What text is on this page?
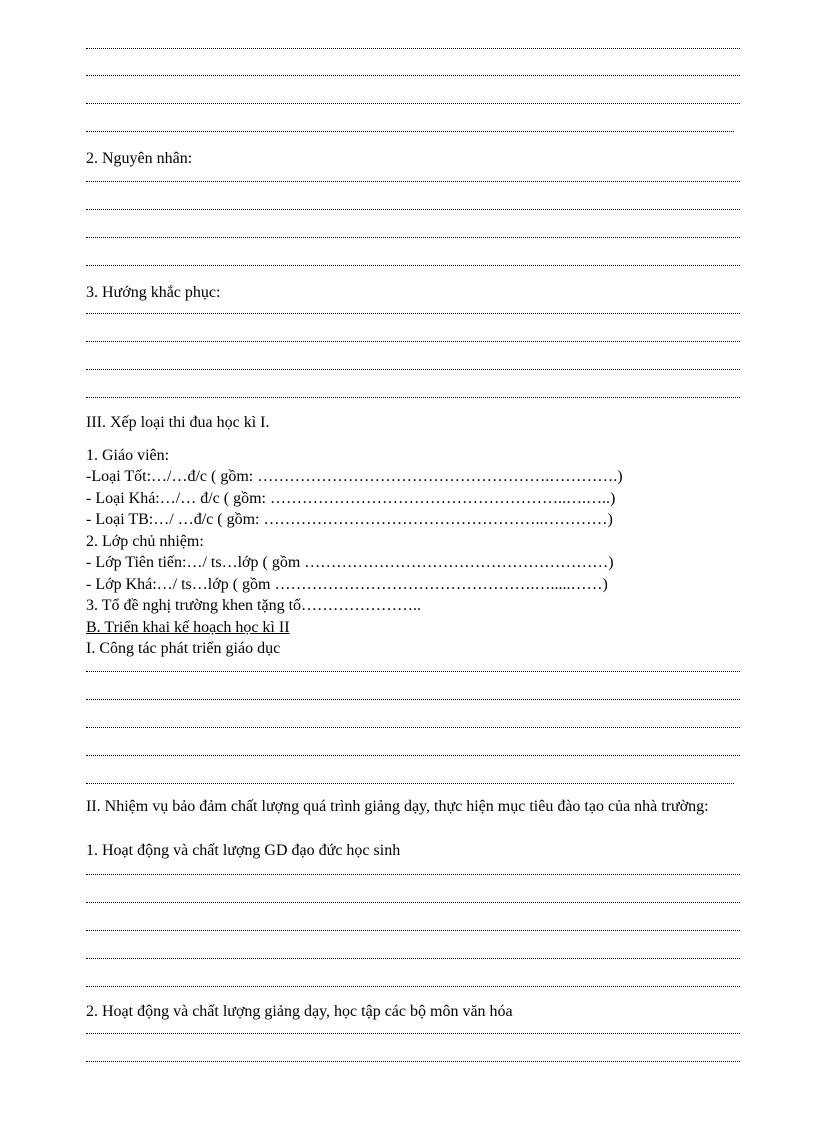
2. Nguyên nhân:
3. Hướng khắc phục:
III. Xếp loại thi đua học kì I.
1. Giáo viên:
-Loại Tốt:…/…đ/c ( gồm: ……………………………………………….………….)
- Loại Khá:…/… đ/c ( gồm: ………………………………………………..….…..)
- Loại TB:…/ …đ/c ( gồm: ……………………………………………..…………)
2. Lớp chủ nhiệm:
- Lớp Tiên tiến:…/ ts…lớp ( gồm …………………………………………………)
- Lớp Khá:…/ ts…lớp ( gồm ………………………………………….….....……)
3. Tổ đề nghị trường khen tặng tổ…………………..
B. Triển khai kế hoạch học kì II
I. Công tác phát triển giáo dục
II. Nhiệm vụ bảo đảm chất lượng quá trình giảng dạy, thực hiện mục tiêu đào tạo của nhà trường:
1. Hoạt động và chất lượng GD đạo đức học sinh
2. Hoạt động và chất lượng giảng dạy, học tập các bộ môn văn hóa
